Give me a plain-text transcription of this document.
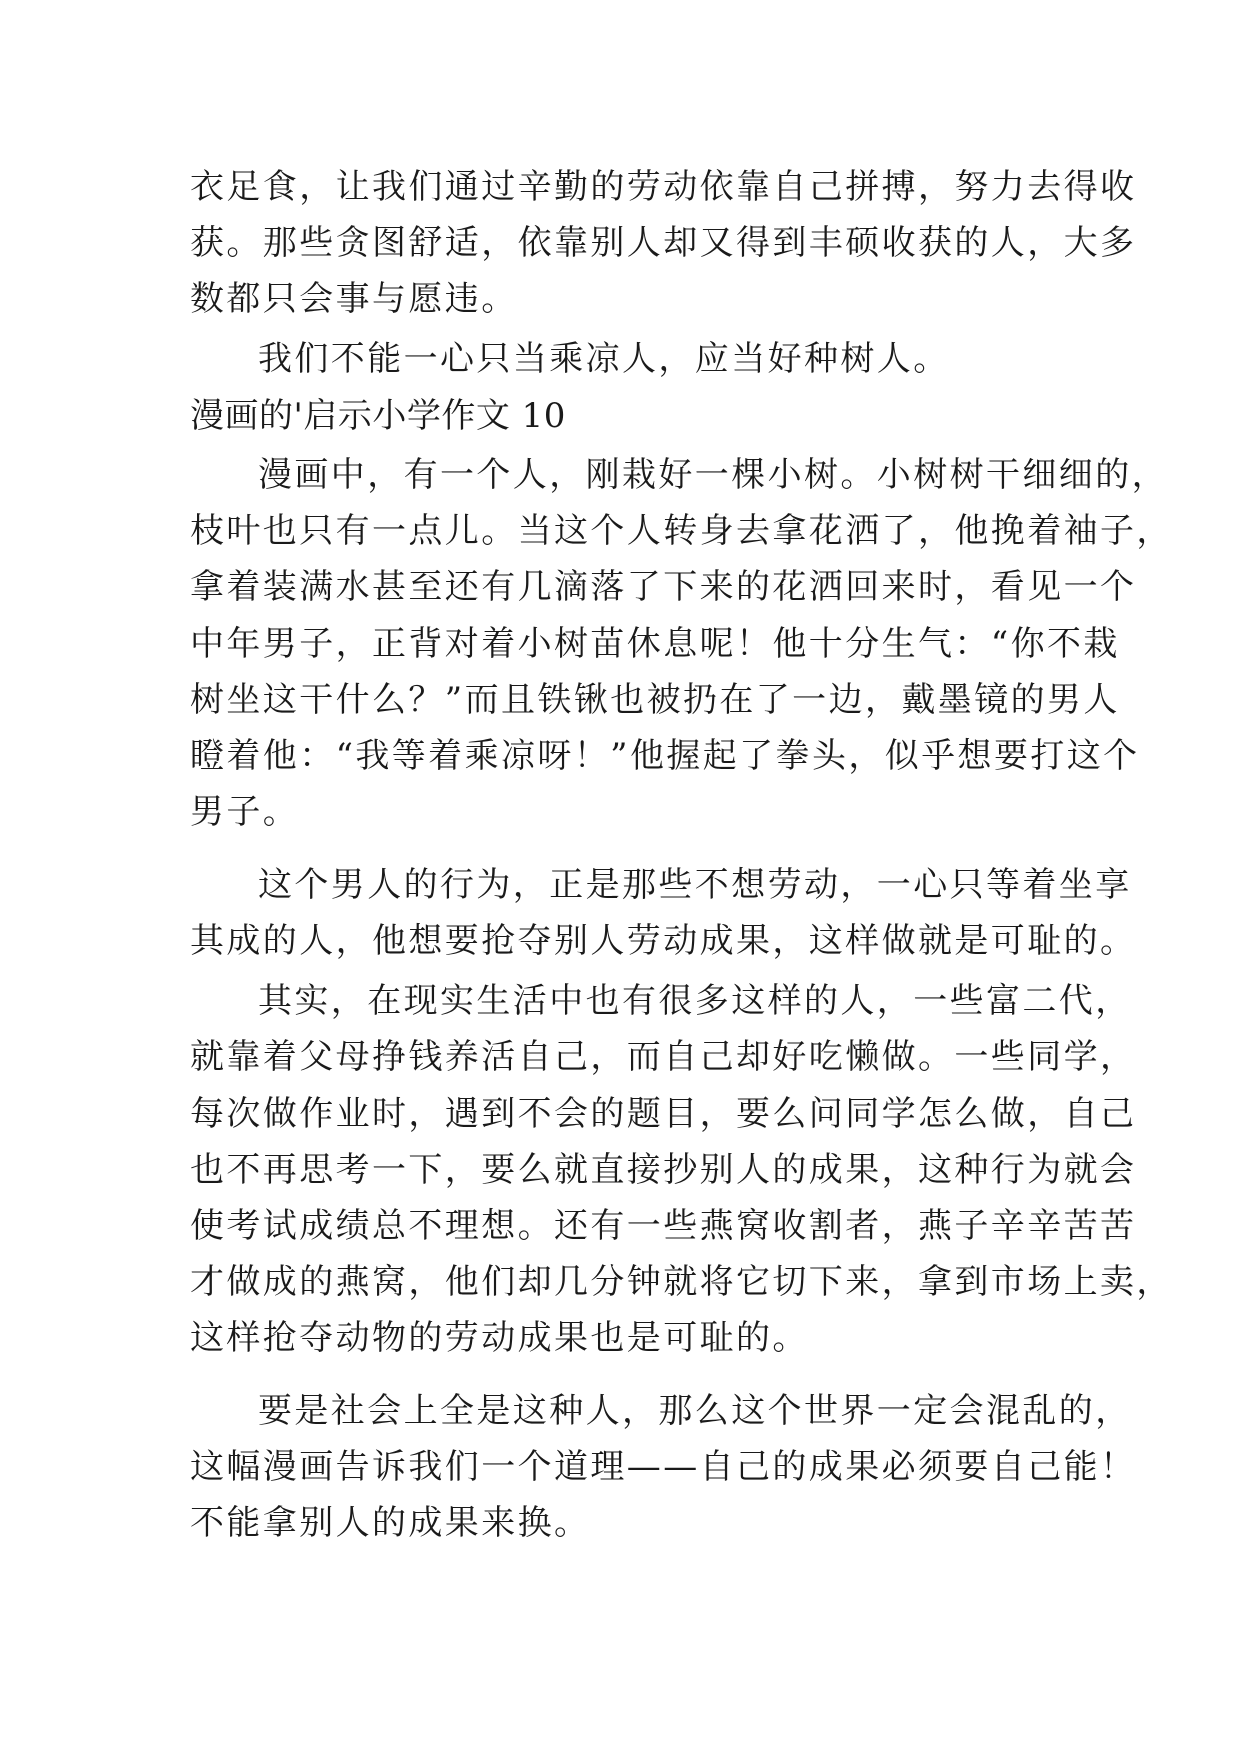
衣足食，让我们通过辛勤的劳动依靠自己拼搏，努力去得收
获。那些贪图舒适，依靠别人却又得到丰硕收获的人，大多
数都只会事与愿违。
我们不能一心只当乘凉人，应当好种树人。
漫画的'启示小学作文 10
漫画中，有一个人，刚栽好一棵小树。小树树干细细的，
枝叶也只有一点儿。当这个人转身去拿花洒了，他挽着袖子，
拿着装满水甚至还有几滴落了下来的花洒回来时，看见一个
中年男子，正背对着小树苗休息呢！他十分生气：“你不栽
树坐这干什么？”而且铁锹也被扔在了一边，戴墨镜的男人
瞪着他：“我等着乘凉呀！”他握起了拳头，似乎想要打这个
男子。
这个男人的行为，正是那些不想劳动，一心只等着坐享
其成的人，他想要抢夺别人劳动成果，这样做就是可耻的。
其实，在现实生活中也有很多这样的人，一些富二代，
就靠着父母挣钱养活自己，而自己却好吃懒做。一些同学，
每次做作业时，遇到不会的题目，要么问同学怎么做，自己
也不再思考一下，要么就直接抄别人的成果，这种行为就会
使考试成绩总不理想。还有一些燕窝收割者，燕子辛辛苦苦
才做成的燕窝，他们却几分钟就将它切下来，拿到市场上卖，
这样抢夺动物的劳动成果也是可耻的。
要是社会上全是这种人，那么这个世界一定会混乱的，
这幅漫画告诉我们一个道理——自己的成果必须要自己能！
不能拿别人的成果来换。
